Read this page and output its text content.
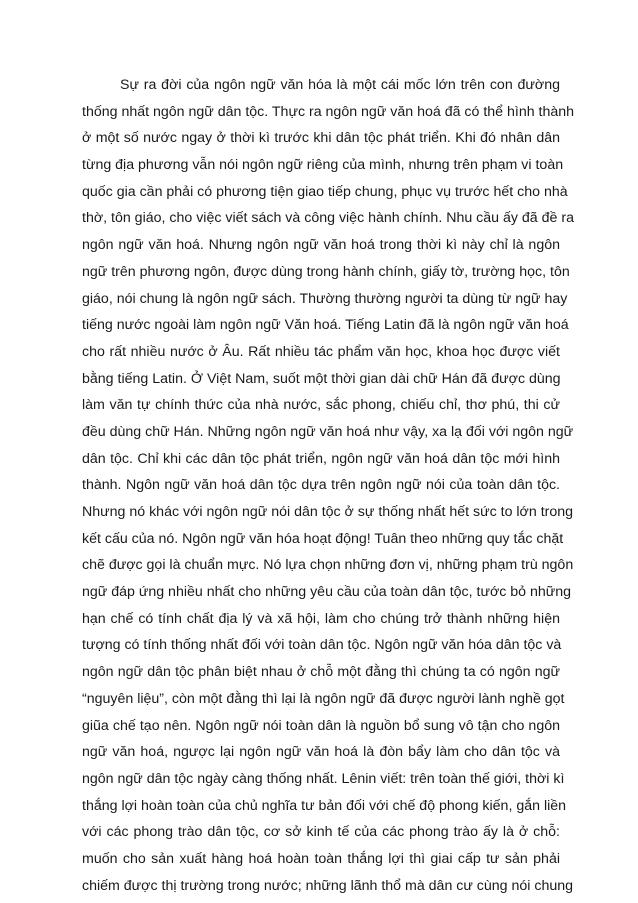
Sự ra đời của ngôn ngữ văn hóa là một cái mốc lớn trên con đường
thống nhất ngôn ngữ dân tộc. Thực ra ngôn ngữ văn hoá đã có thể hình thành
ở một số nước ngay ở thời kì trước khi dân tộc phát triển. Khi đó nhân dân
từng địa phương vẫn nói ngôn ngữ riêng của mình, nhưng trên phạm vi toàn
quốc gia cần phải có phương tiện giao tiếp chung, phục vụ trước hết cho nhà
thờ, tôn giáo, cho việc viết sách và công việc hành chính. Nhu cầu ấy đã đề ra
ngôn ngữ văn hoá. Nhưng ngôn ngữ văn hoá trong thời kì này chỉ là ngôn
ngữ trên phương ngôn, được dùng trong hành chính, giấy tờ, trường học, tôn
giáo, nói chung là ngôn ngữ sách. Thường thường người ta dùng từ ngữ hay
tiếng nước ngoài làm ngôn ngữ Văn hoá. Tiếng Latin đã là ngôn ngữ văn hoá
cho rất nhiều nước ở Âu. Rất nhiều tác phẩm văn học, khoa học được viết
bằng tiếng Latin. Ở Việt Nam, suốt một thời gian dài chữ Hán đã được dùng
làm văn tự chính thức của nhà nước, sắc phong, chiếu chỉ, thơ phú, thi cử
đều dùng chữ Hán. Những ngôn ngữ văn hoá như vậy, xa lạ đối với ngôn ngữ
dân tộc. Chỉ khi các dân tộc phát triển, ngôn ngữ văn hoá dân tộc mới hình
thành. Ngôn ngữ văn hoá dân tộc dựa trên ngôn ngữ nói của toàn dân tộc.
Nhưng nó khác với ngôn ngữ nói dân tộc ở sự thống nhất hết sức to lớn trong
kết cấu của nó. Ngôn ngữ văn hóa hoạt động! Tuân theo những quy tắc chặt
chẽ được gọi là chuẩn mực. Nó lựa chọn những đơn vị, những phạm trù ngôn
ngữ đáp ứng nhiều nhất cho những yêu cầu của toàn dân tộc, tước bỏ những
hạn chế có tính chất địa lý và xã hội, làm cho chúng trở thành những hiện
tượng có tính thống nhất đối với toàn dân tộc. Ngôn ngữ văn hóa dân tộc và
ngôn ngữ dân tộc phân biệt nhau ở chỗ một đằng thì chúng ta có ngôn ngữ
“nguyên liệu”, còn một đằng thì lại là ngôn ngữ đã được người lành nghề gọt
giũa chế tạo nên. Ngôn ngữ nói toàn dân là nguồn bổ sung vô tận cho ngôn
ngữ văn hoá, ngược lại ngôn ngữ văn hoá là đòn bẩy làm cho dân tộc và
ngôn ngữ dân tộc ngày càng thống nhất. Lênin viết: trên toàn thế giới, thời kì
thắng lợi hoàn toàn của chủ nghĩa tư bản đối với chế độ phong kiến, gắn liền
với các phong trào dân tộc, cơ sở kinh tế của các phong trào ấy là ở chỗ:
muốn cho sản xuất hàng hoá hoàn toàn thắng lợi thì giai cấp tư sản phải
chiếm được thị trường trong nước; những lãnh thổ mà dân cư cùng nói chung
